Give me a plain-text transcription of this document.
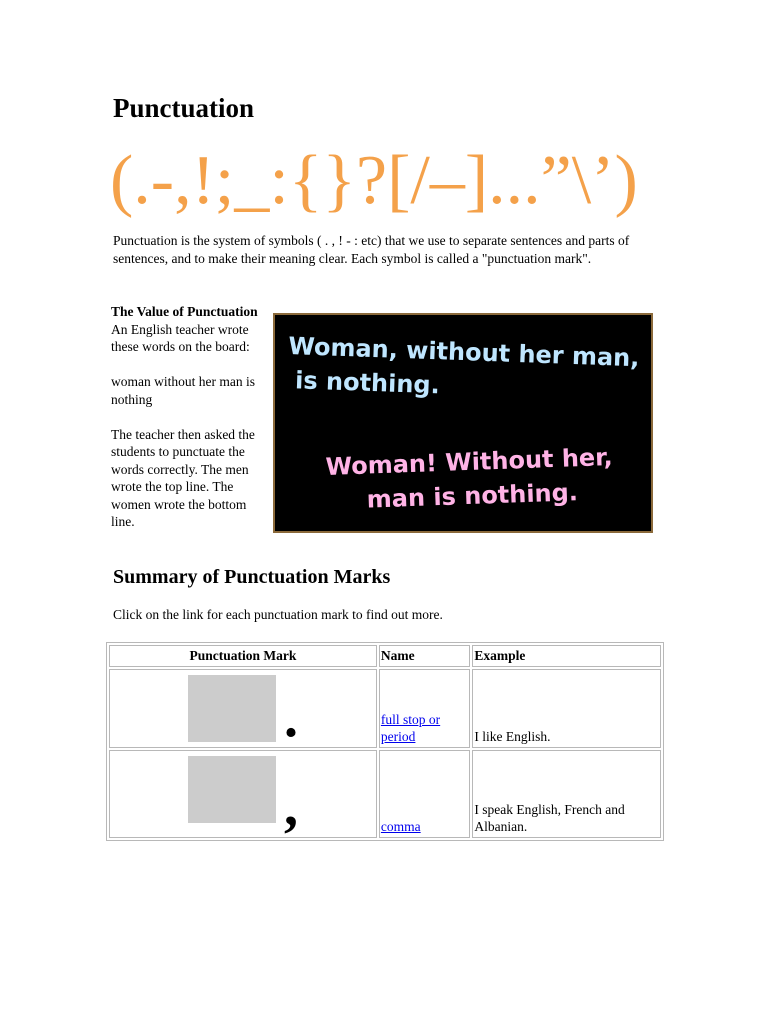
Punctuation
(.-,!;_:{}?[/–]...”\’)

Punctuation is the system of symbols ( . , ! - : etc) that we use to separate sentences and parts of sentences, and to make their meaning clear. Each symbol is called a "punctuation mark".

The Value of Punctuation

An English teacher wrote these words on the board:

woman without her man is nothing

The teacher then asked the students to punctuate the words correctly. The men wrote the top line. The women wrote the bottom line.

Woman, without her man,
is nothing.
Woman! Without her,
man is nothing.
Summary of Punctuation Marks

Click on the link for each punctuation mark to find out more.

Punctuation Mark	Name	Example

.	full stop or period	I like English.

,	comma	I speak English, French and Albanian.
